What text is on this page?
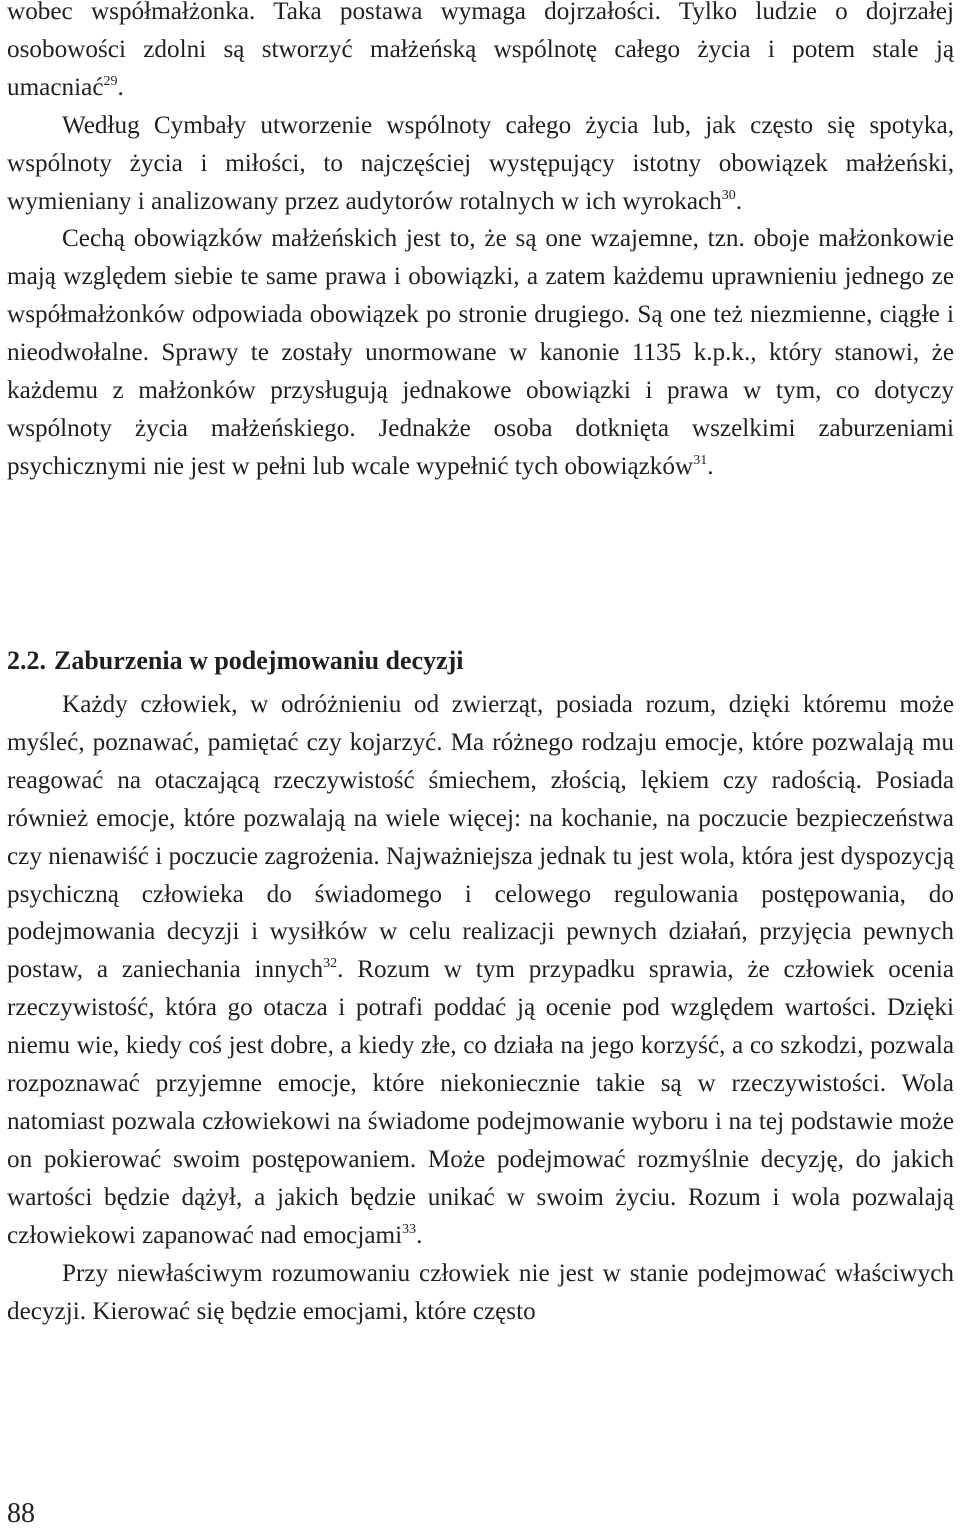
wobec współmałżonka. Taka postawa wymaga dojrzałości. Tylko ludzie o dojrzałej osobowości zdolni są stworzyć małżeńską wspólnotę całego życia i potem stale ją umacniać$^{29}$.

Według Cymbały utworzenie wspólnoty całego życia lub, jak często się spotyka, wspólnoty życia i miłości, to najczęściej występujący istotny obowiązek małżeński, wymieniany i analizowany przez audytorów rotalnych w ich wyrokach$^{30}$.

Cechą obowiązków małżeńskich jest to, że są one wzajemne, tzn. oboje małżonkowie mają względem siebie te same prawa i obowiązki, a zatem każdemu uprawnieniu jednego ze współmałżonków odpowiada obowiązek po stronie drugiego. Są one też niezmienne, ciągłe i nieodwołalne. Sprawy te zostały unormowane w kanonie 1135 k.p.k., który stanowi, że każdemu z małżonków przysługują jednakowe obowiązki i prawa w tym, co dotyczy wspólnoty życia małżeńskiego. Jednakże osoba dotknięta wszelkimi zaburzeniami psychicznymi nie jest w pełni lub wcale wypełnić tych obowiązków$^{31}$.

2.2. Zaburzenia w podejmowaniu decyzji

Każdy człowiek, w odróżnieniu od zwierząt, posiada rozum, dzięki któremu może myśleć, poznawać, pamiętać czy kojarzyć. Ma różnego rodzaju emocje, które pozwalają mu reagować na otaczającą rzeczywistość śmiechem, złością, lękiem czy radością. Posiada również emocje, które pozwalają na wiele więcej: na kochanie, na poczucie bezpieczeństwa czy nienawiść i poczucie zagrożenia. Najważniejsza jednak tu jest wola, która jest dyspozycją psychiczną człowieka do świadomego i celowego regulowania postępowania, do podejmowania decyzji i wysiłków w celu realizacji pewnych działań, przyjęcia pewnych postaw, a zaniechania innych$^{32}$. Rozum w tym przypadku sprawia, że człowiek ocenia rzeczywistość, która go otacza i potrafi poddać ją ocenie pod względem wartości. Dzięki niemu wie, kiedy coś jest dobre, a kiedy złe, co działa na jego korzyść, a co szkodzi, pozwala rozpoznawać przyjemne emocje, które niekoniecznie takie są w rzeczywistości. Wola natomiast pozwala człowiekowi na świadome podejmowanie wyboru i na tej podstawie może on pokierować swoim postępowaniem. Może podejmować rozmyślnie decyzję, do jakich wartości będzie dążył, a jakich będzie unikać w swoim życiu. Rozum i wola pozwalają człowiekowi zapanować nad emocjami$^{33}$.

Przy niewłaściwym rozumowaniu człowiek nie jest w stanie podejmować właściwych decyzji. Kierować się będzie emocjami, które często

88
